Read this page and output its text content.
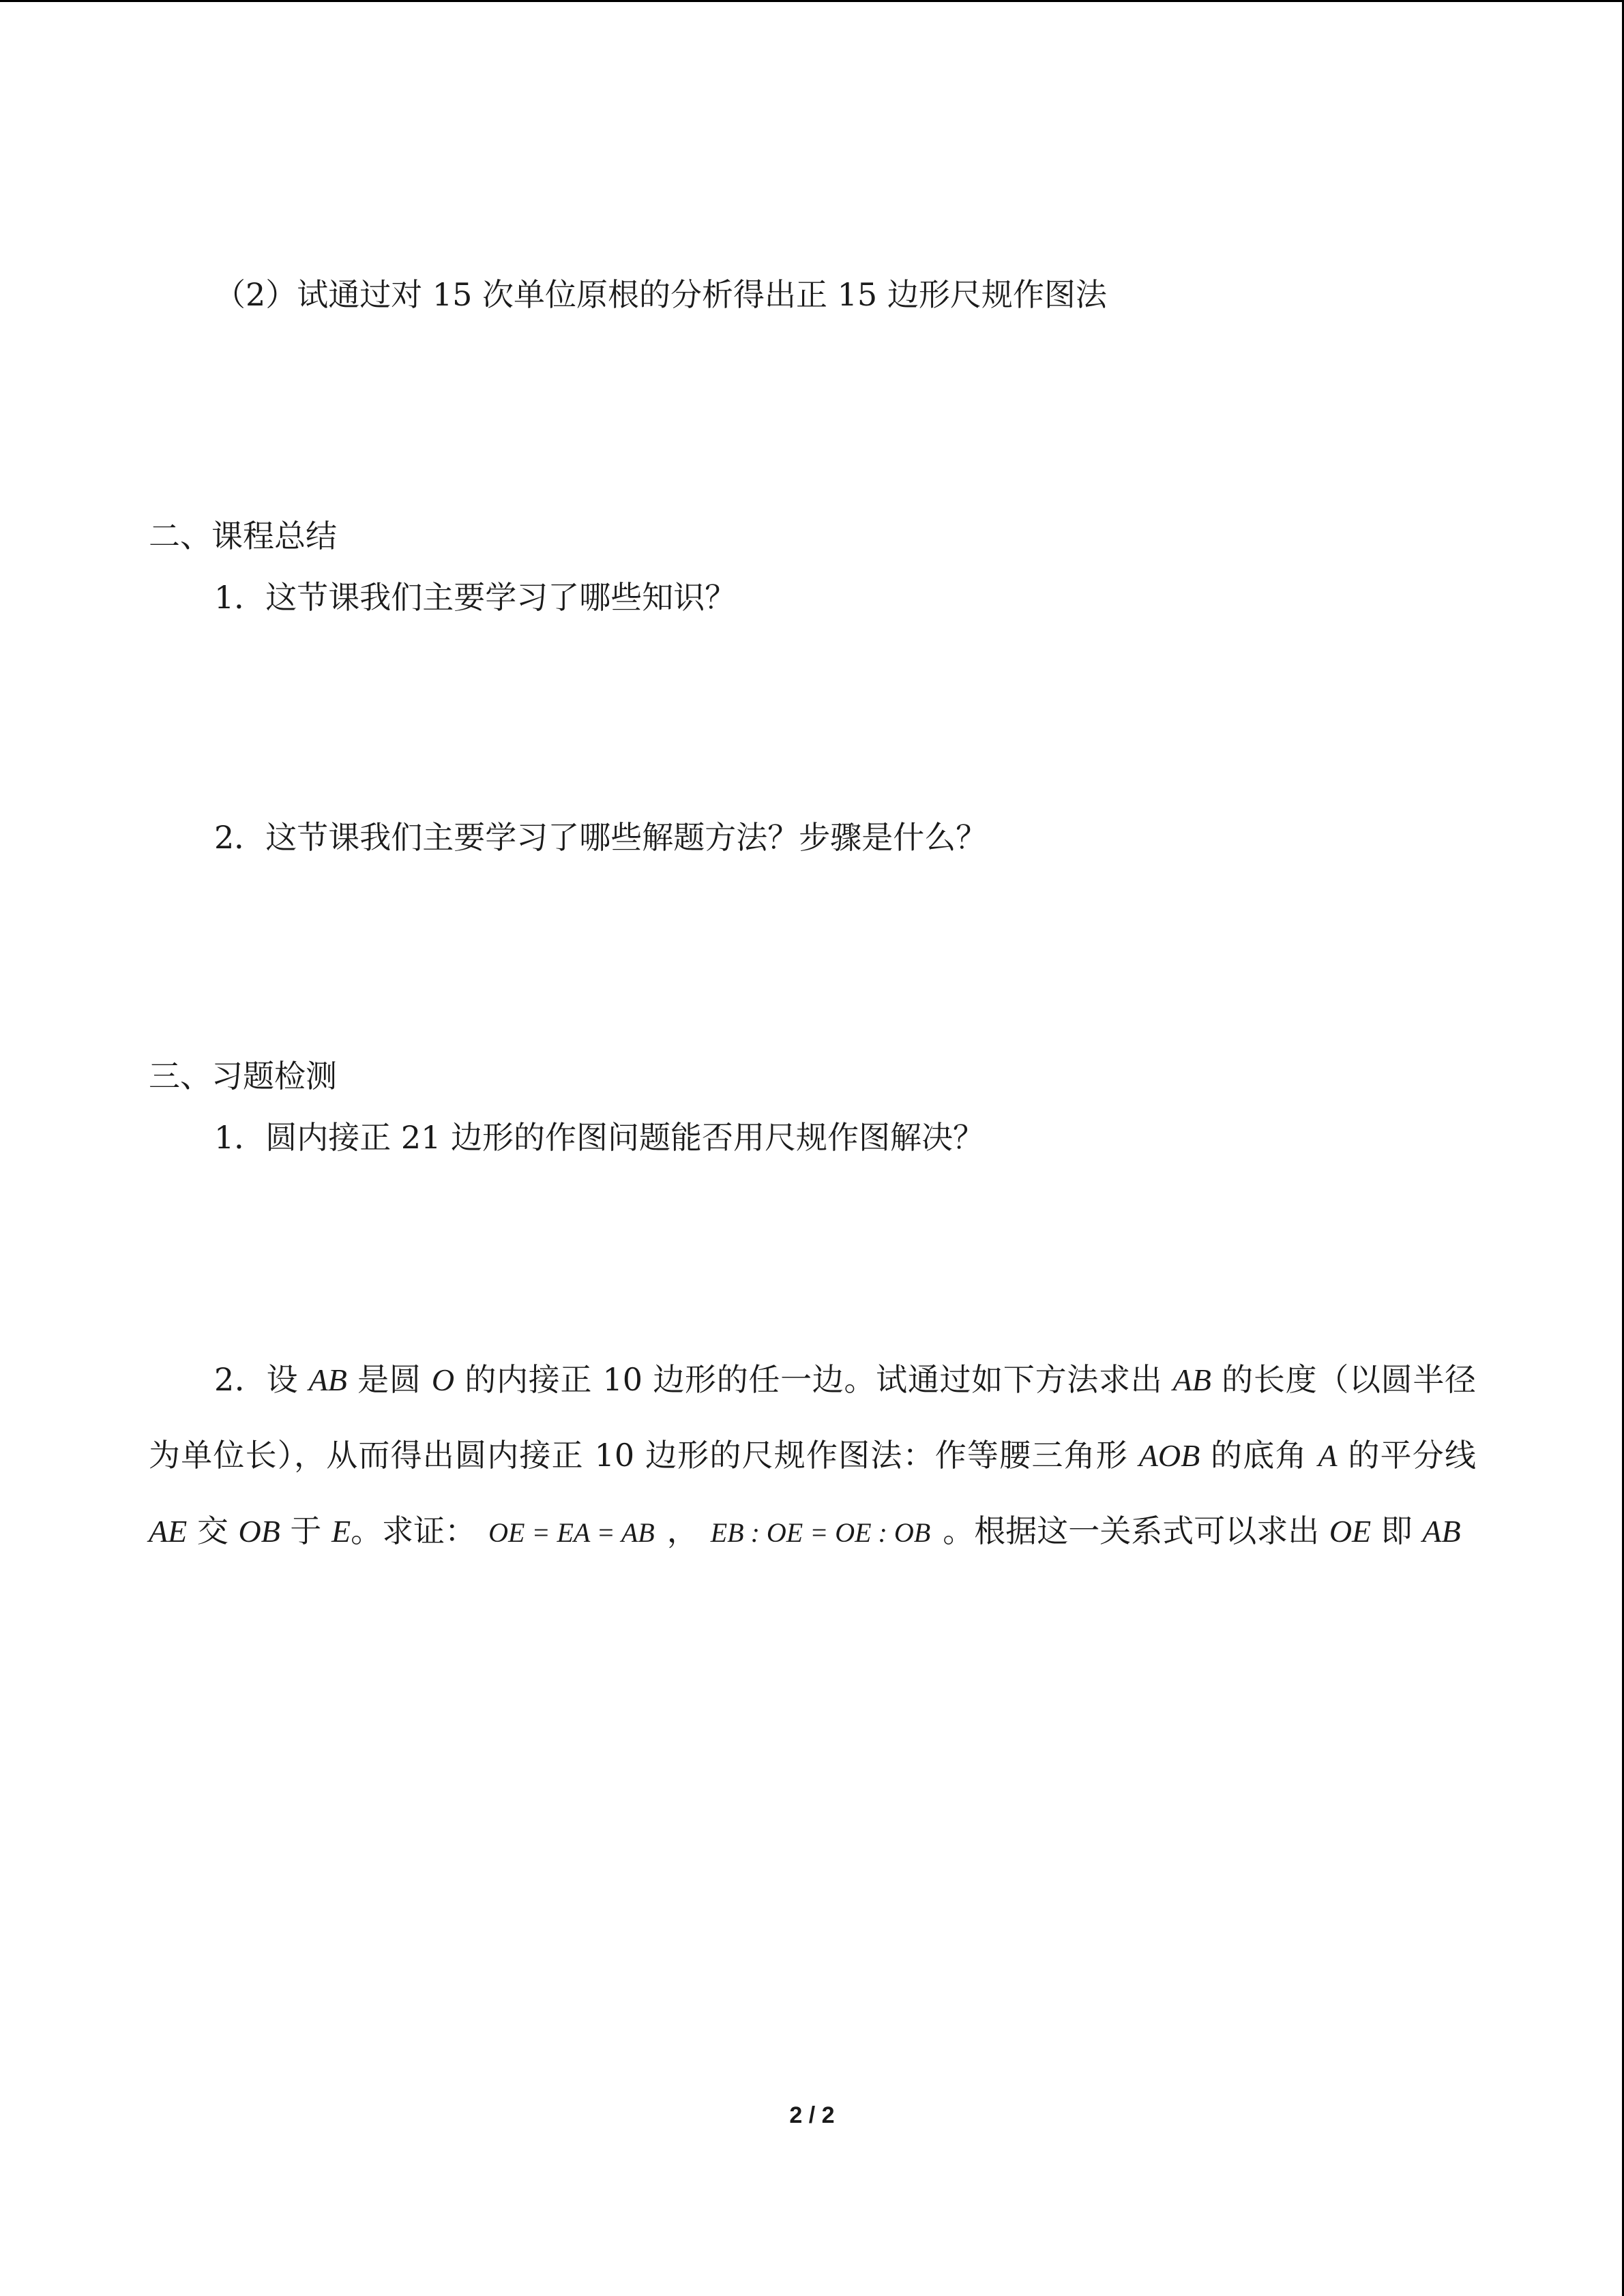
（2）试通过对 15 次单位原根的分析得出正 15 边形尺规作图法
二、课程总结
1．这节课我们主要学习了哪些知识？
2．这节课我们主要学习了哪些解题方法？步骤是什么？
三、习题检测
1．圆内接正 21 边形的作图问题能否用尺规作图解决？
2．设 AB 是圆 O 的内接正 10 边形的任一边。试通过如下方法求出 AB 的长度（以圆半径为单位长），从而得出圆内接正 10 边形的尺规作图法：作等腰三角形 AOB 的底角 A 的平分线 AE 交 OB 于 E。求证： OE = EA = AB ， EB : OE = OE : OB 。根据这一关系式可以求出 OE 即 AB
2 / 2
